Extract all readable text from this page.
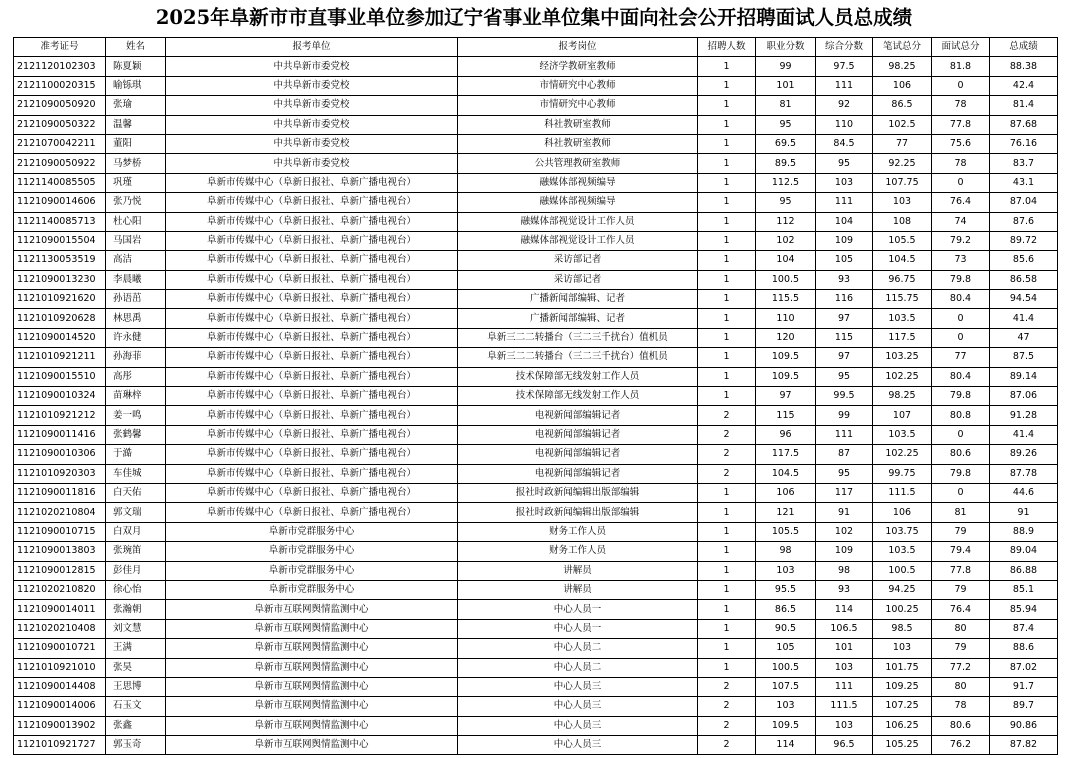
2025年阜新市市直事业单位参加辽宁省事业单位集中面向社会公开招聘面试人员总成绩
准考证号	姓名	报考单位	报考岗位	招聘人数	职业分数	综合分数	笔试总分	面试总分	总成绩
2121120102303	陈夏颖	中共阜新市委党校	经济学教研室教师	1	99	97.5	98.25	81.8	88.38
2121100020315	喻铄琪	中共阜新市委党校	市情研究中心教师	1	101	111	106	0	42.4
2121090050920	张瑜	中共阜新市委党校	市情研究中心教师	1	81	92	86.5	78	81.4
2121090050322	温馨	中共阜新市委党校	科社教研室教师	1	95	110	102.5	77.8	87.68
2121070042211	董阳	中共阜新市委党校	科社教研室教师	1	69.5	84.5	77	75.6	76.16
2121090050922	马梦桥	中共阜新市委党校	公共管理教研室教师	1	89.5	95	92.25	78	83.7
1121140085505	巩瑾	阜新市传媒中心（阜新日报社、阜新广播电视台）	融媒体部视频编导	1	112.5	103	107.75	0	43.1
1121090014606	张乃悦	阜新市传媒中心（阜新日报社、阜新广播电视台）	融媒体部视频编导	1	95	111	103	76.4	87.04
1121140085713	杜心阳	阜新市传媒中心（阜新日报社、阜新广播电视台）	融媒体部视觉设计工作人员	1	112	104	108	74	87.6
1121090015504	马国岩	阜新市传媒中心（阜新日报社、阜新广播电视台）	融媒体部视觉设计工作人员	1	102	109	105.5	79.2	89.72
1121130053519	高洁	阜新市传媒中心（阜新日报社、阜新广播电视台）	采访部记者	1	104	105	104.5	73	85.6
1121090013230	李晨曦	阜新市传媒中心（阜新日报社、阜新广播电视台）	采访部记者	1	100.5	93	96.75	79.8	86.58
1121010921620	孙语茁	阜新市传媒中心（阜新日报社、阜新广播电视台）	广播新闻部编辑、记者	1	115.5	116	115.75	80.4	94.54
1121010920628	林思禹	阜新市传媒中心（阜新日报社、阜新广播电视台）	广播新闻部编辑、记者	1	110	97	103.5	0	41.4
1121090014520	许永健	阜新市传媒中心（阜新日报社、阜新广播电视台）	阜新三二二转播台（三二三千扰台）值机员	1	120	115	117.5	0	47
1121010921211	孙海菲	阜新市传媒中心（阜新日报社、阜新广播电视台）	阜新三二二转播台（三二三千扰台）值机员	1	109.5	97	103.25	77	87.5
1121090015510	高彤	阜新市传媒中心（阜新日报社、阜新广播电视台）	技术保障部无线发射工作人员	1	109.5	95	102.25	80.4	89.14
1121090010324	苗琳梓	阜新市传媒中心（阜新日报社、阜新广播电视台）	技术保障部无线发射工作人员	1	97	99.5	98.25	79.8	87.06
1121010921212	姜一鸣	阜新市传媒中心（阜新日报社、阜新广播电视台）	电视新闻部编辑记者	2	115	99	107	80.8	91.28
1121090011416	张鹤馨	阜新市传媒中心（阜新日报社、阜新广播电视台）	电视新闻部编辑记者	2	96	111	103.5	0	41.4
1121090010306	于澔	阜新市传媒中心（阜新日报社、阜新广播电视台）	电视新闻部编辑记者	2	117.5	87	102.25	80.6	89.26
1121010920303	车佳城	阜新市传媒中心（阜新日报社、阜新广播电视台）	电视新闻部编辑记者	2	104.5	95	99.75	79.8	87.78
1121090011816	白天佑	阜新市传媒中心（阜新日报社、阜新广播电视台）	报社时政新闻编辑出版部编辑	1	106	117	111.5	0	44.6
1121020210804	郭文瑞	阜新市传媒中心（阜新日报社、阜新广播电视台）	报社时政新闻编辑出版部编辑	1	121	91	106	81	91
1121090010715	白双月	阜新市党群服务中心	财务工作人员	1	105.5	102	103.75	79	88.9
1121090013803	张琬笛	阜新市党群服务中心	财务工作人员	1	98	109	103.5	79.4	89.04
1121090012815	彭佳月	阜新市党群服务中心	讲解员	1	103	98	100.5	77.8	86.88
1121020210820	徐心怡	阜新市党群服务中心	讲解员	1	95.5	93	94.25	79	85.1
1121090014011	张瀚朝	阜新市互联网舆情监测中心	中心人员一	1	86.5	114	100.25	76.4	85.94
1121020210408	刘文慧	阜新市互联网舆情监测中心	中心人员一	1	90.5	106.5	98.5	80	87.4
1121090010721	王满	阜新市互联网舆情监测中心	中心人员二	1	105	101	103	79	88.6
1121010921010	张昊	阜新市互联网舆情监测中心	中心人员二	1	100.5	103	101.75	77.2	87.02
1121090014408	王思博	阜新市互联网舆情监测中心	中心人员三	2	107.5	111	109.25	80	91.7
1121090014006	石玉文	阜新市互联网舆情监测中心	中心人员三	2	103	111.5	107.25	78	89.7
1121090013902	张鑫	阜新市互联网舆情监测中心	中心人员三	2	109.5	103	106.25	80.6	90.86
1121010921727	郭玉奇	阜新市互联网舆情监测中心	中心人员三	2	114	96.5	105.25	76.2	87.82
